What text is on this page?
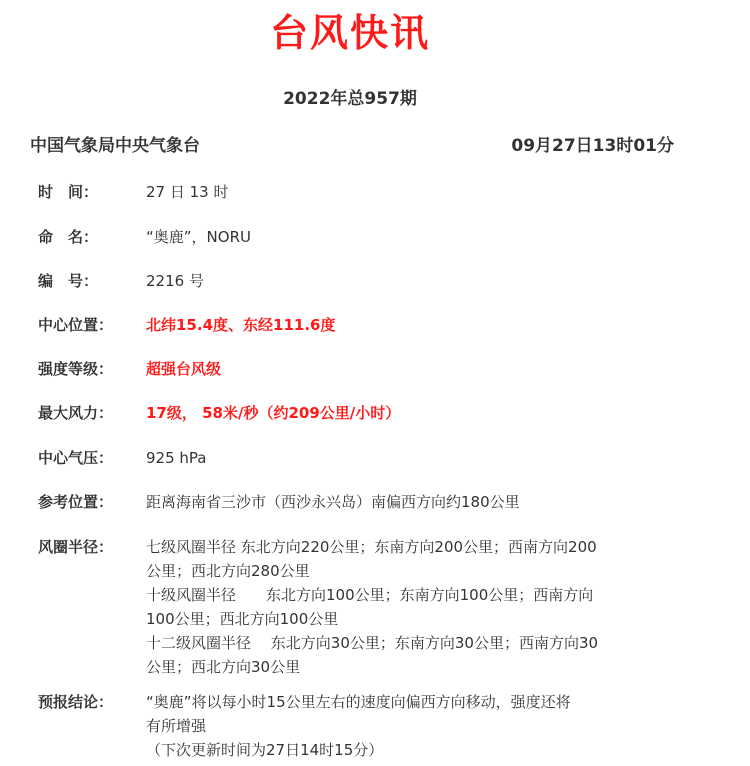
台风快讯
2022年总957期
中国气象局中央气象台	09月27日13时01分
时　间：	27 日 13 时
命　名：	“奥鹿”，NORU
编　号：	2216 号
中心位置：	北纬15.4度、东经111.6度
强度等级：	超强台风级
最大风力：	17级， 58米/秒（约209公里/小时）
中心气压：	925 hPa
参考位置：	距离海南省三沙市（西沙永兴岛）南偏西方向约180公里
风圈半径：	七级风圈半径 东北方向220公里；东南方向200公里；西南方向200
公里；西北方向280公里
十级风圈半径　　东北方向100公里；东南方向100公里；西南方向
100公里；西北方向100公里
十二级风圈半径　 东北方向30公里；东南方向30公里；西南方向30
公里；西北方向30公里
预报结论：	“奥鹿”将以每小时15公里左右的速度向偏西方向移动，强度还将
有所增强
（下次更新时间为27日14时15分）
